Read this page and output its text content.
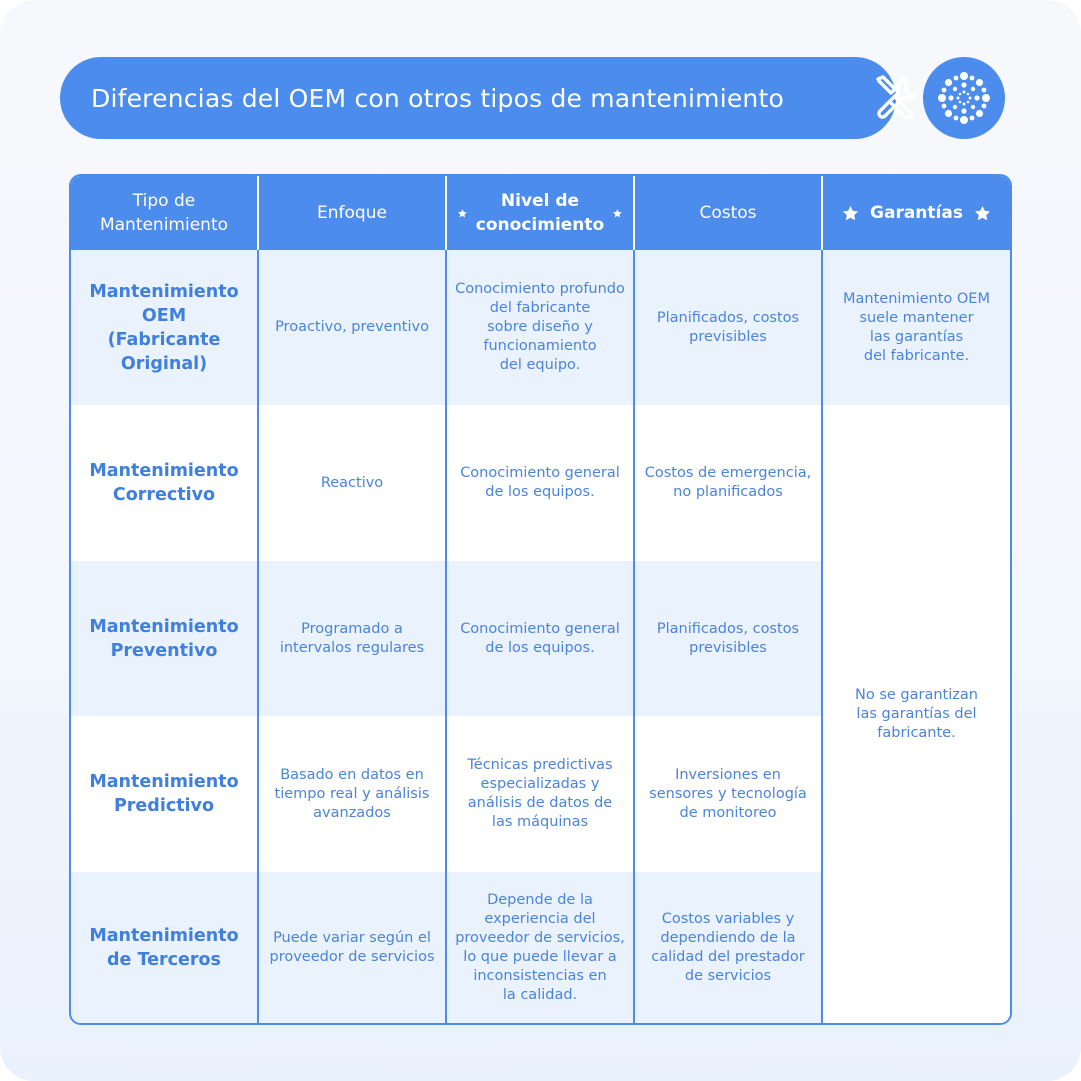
Diferencias del OEM con otros tipos de mantenimiento
Tipo de
Mantenimiento
Enfoque
Nivel de
conocimiento
Costos	Garantías
Mantenimiento
OEM
(Fabricante
Original)
Proactivo, preventivo
Conocimiento profundo
del fabricante
sobre diseño y
funcionamiento
del equipo.
Planificados, costos
previsibles
Mantenimiento OEM
suele mantener
las garantías
del fabricante.
Mantenimiento
Correctivo
Reactivo
Conocimiento general
de los equipos.
Costos de emergencia,
no planificados
No se garantizan
las garantías del
fabricante.
Mantenimiento
Preventivo
Programado a
intervalos regulares
Conocimiento general
de los equipos.
Planificados, costos
previsibles
Mantenimiento
Predictivo
Basado en datos en
tiempo real y análisis
avanzados
Técnicas predictivas
especializadas y
análisis de datos de
las máquinas
Inversiones en
sensores y tecnología
de monitoreo
Mantenimiento
de Terceros
Puede variar según el
proveedor de servicios
Depende de la
experiencia del
proveedor de servicios,
lo que puede llevar a
inconsistencias en
la calidad.
Costos variables y
dependiendo de la
calidad del prestador
de servicios
